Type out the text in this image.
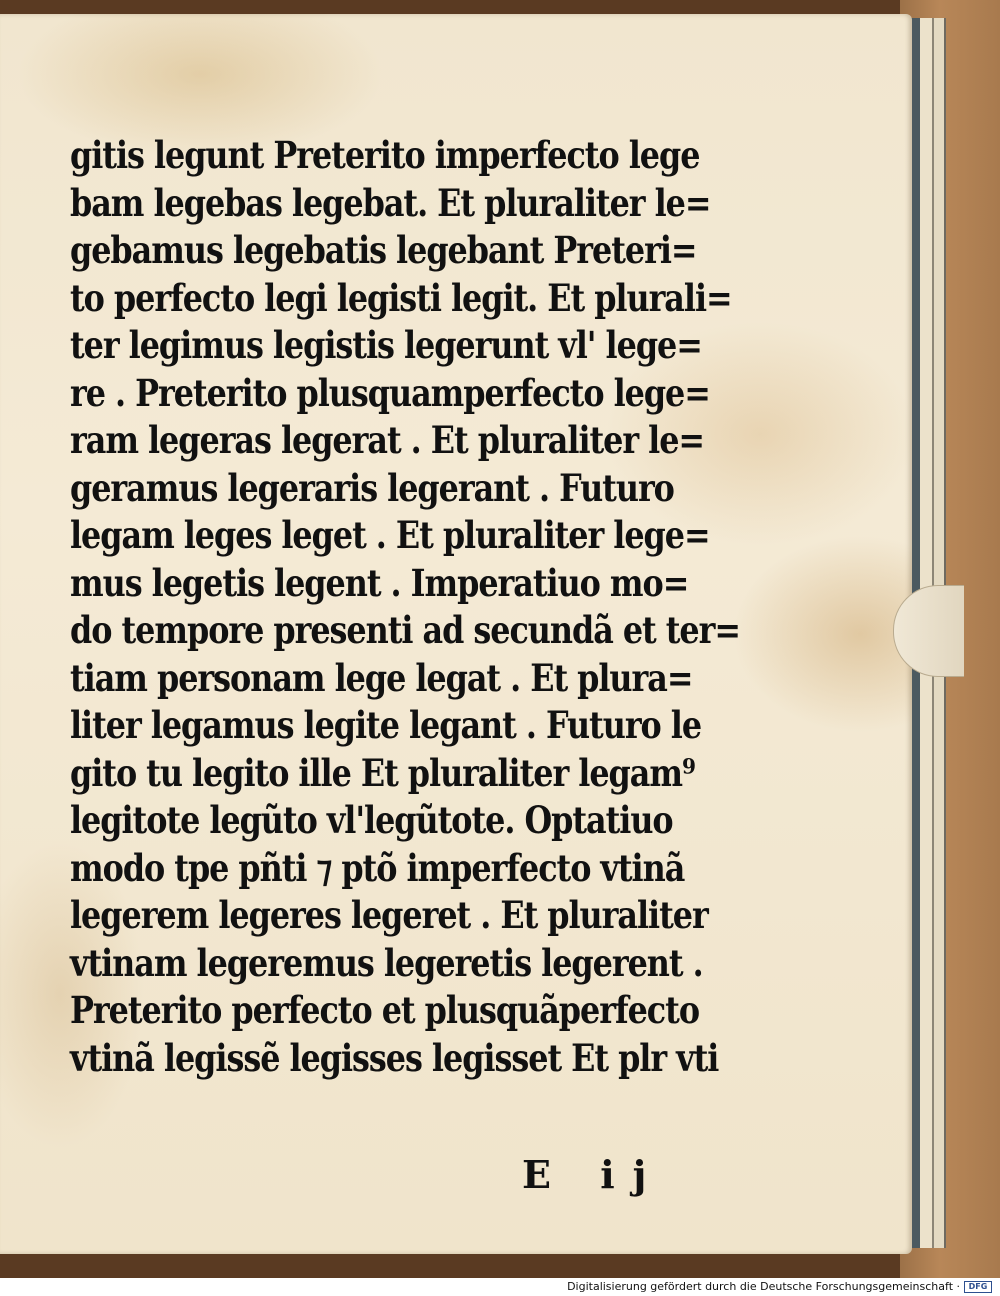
gitis legunt Preterito imperfecto lege
bam legebas legebat. Et pluraliter le=
gebamus legebatis legebant Preteri=
to perfecto legi legisti legit. Et plurali=
ter legimus legistis legerunt vl' lege=
re . Preterito plusquamperfecto lege=
ram legeras legerat . Et pluraliter le=
geramus legeraris legerant . Futuro
legam leges leget . Et pluraliter lege=
mus legetis legent . Imperatiuo mo=
do tempore presenti ad secundã et ter=
tiam personam lege legat . Et plura=
liter legamus legite legant . Futuro le
gito tu legito ille Et pluraliter legam⁹
legitote legũto vl'legũtote. Optatiuo
modo tpe pñti ⁊ ptõ imperfecto vtinã
legerem legeres legeret . Et pluraliter
vtinam legeremus legeretis legerent .
Preterito perfecto et plusquãperfecto
vtinã legissẽ legisses legisset Et plr vti
E ij
Digitalisierung gefördert durch die Deutsche Forschungsgemeinschaft ·	DFG
